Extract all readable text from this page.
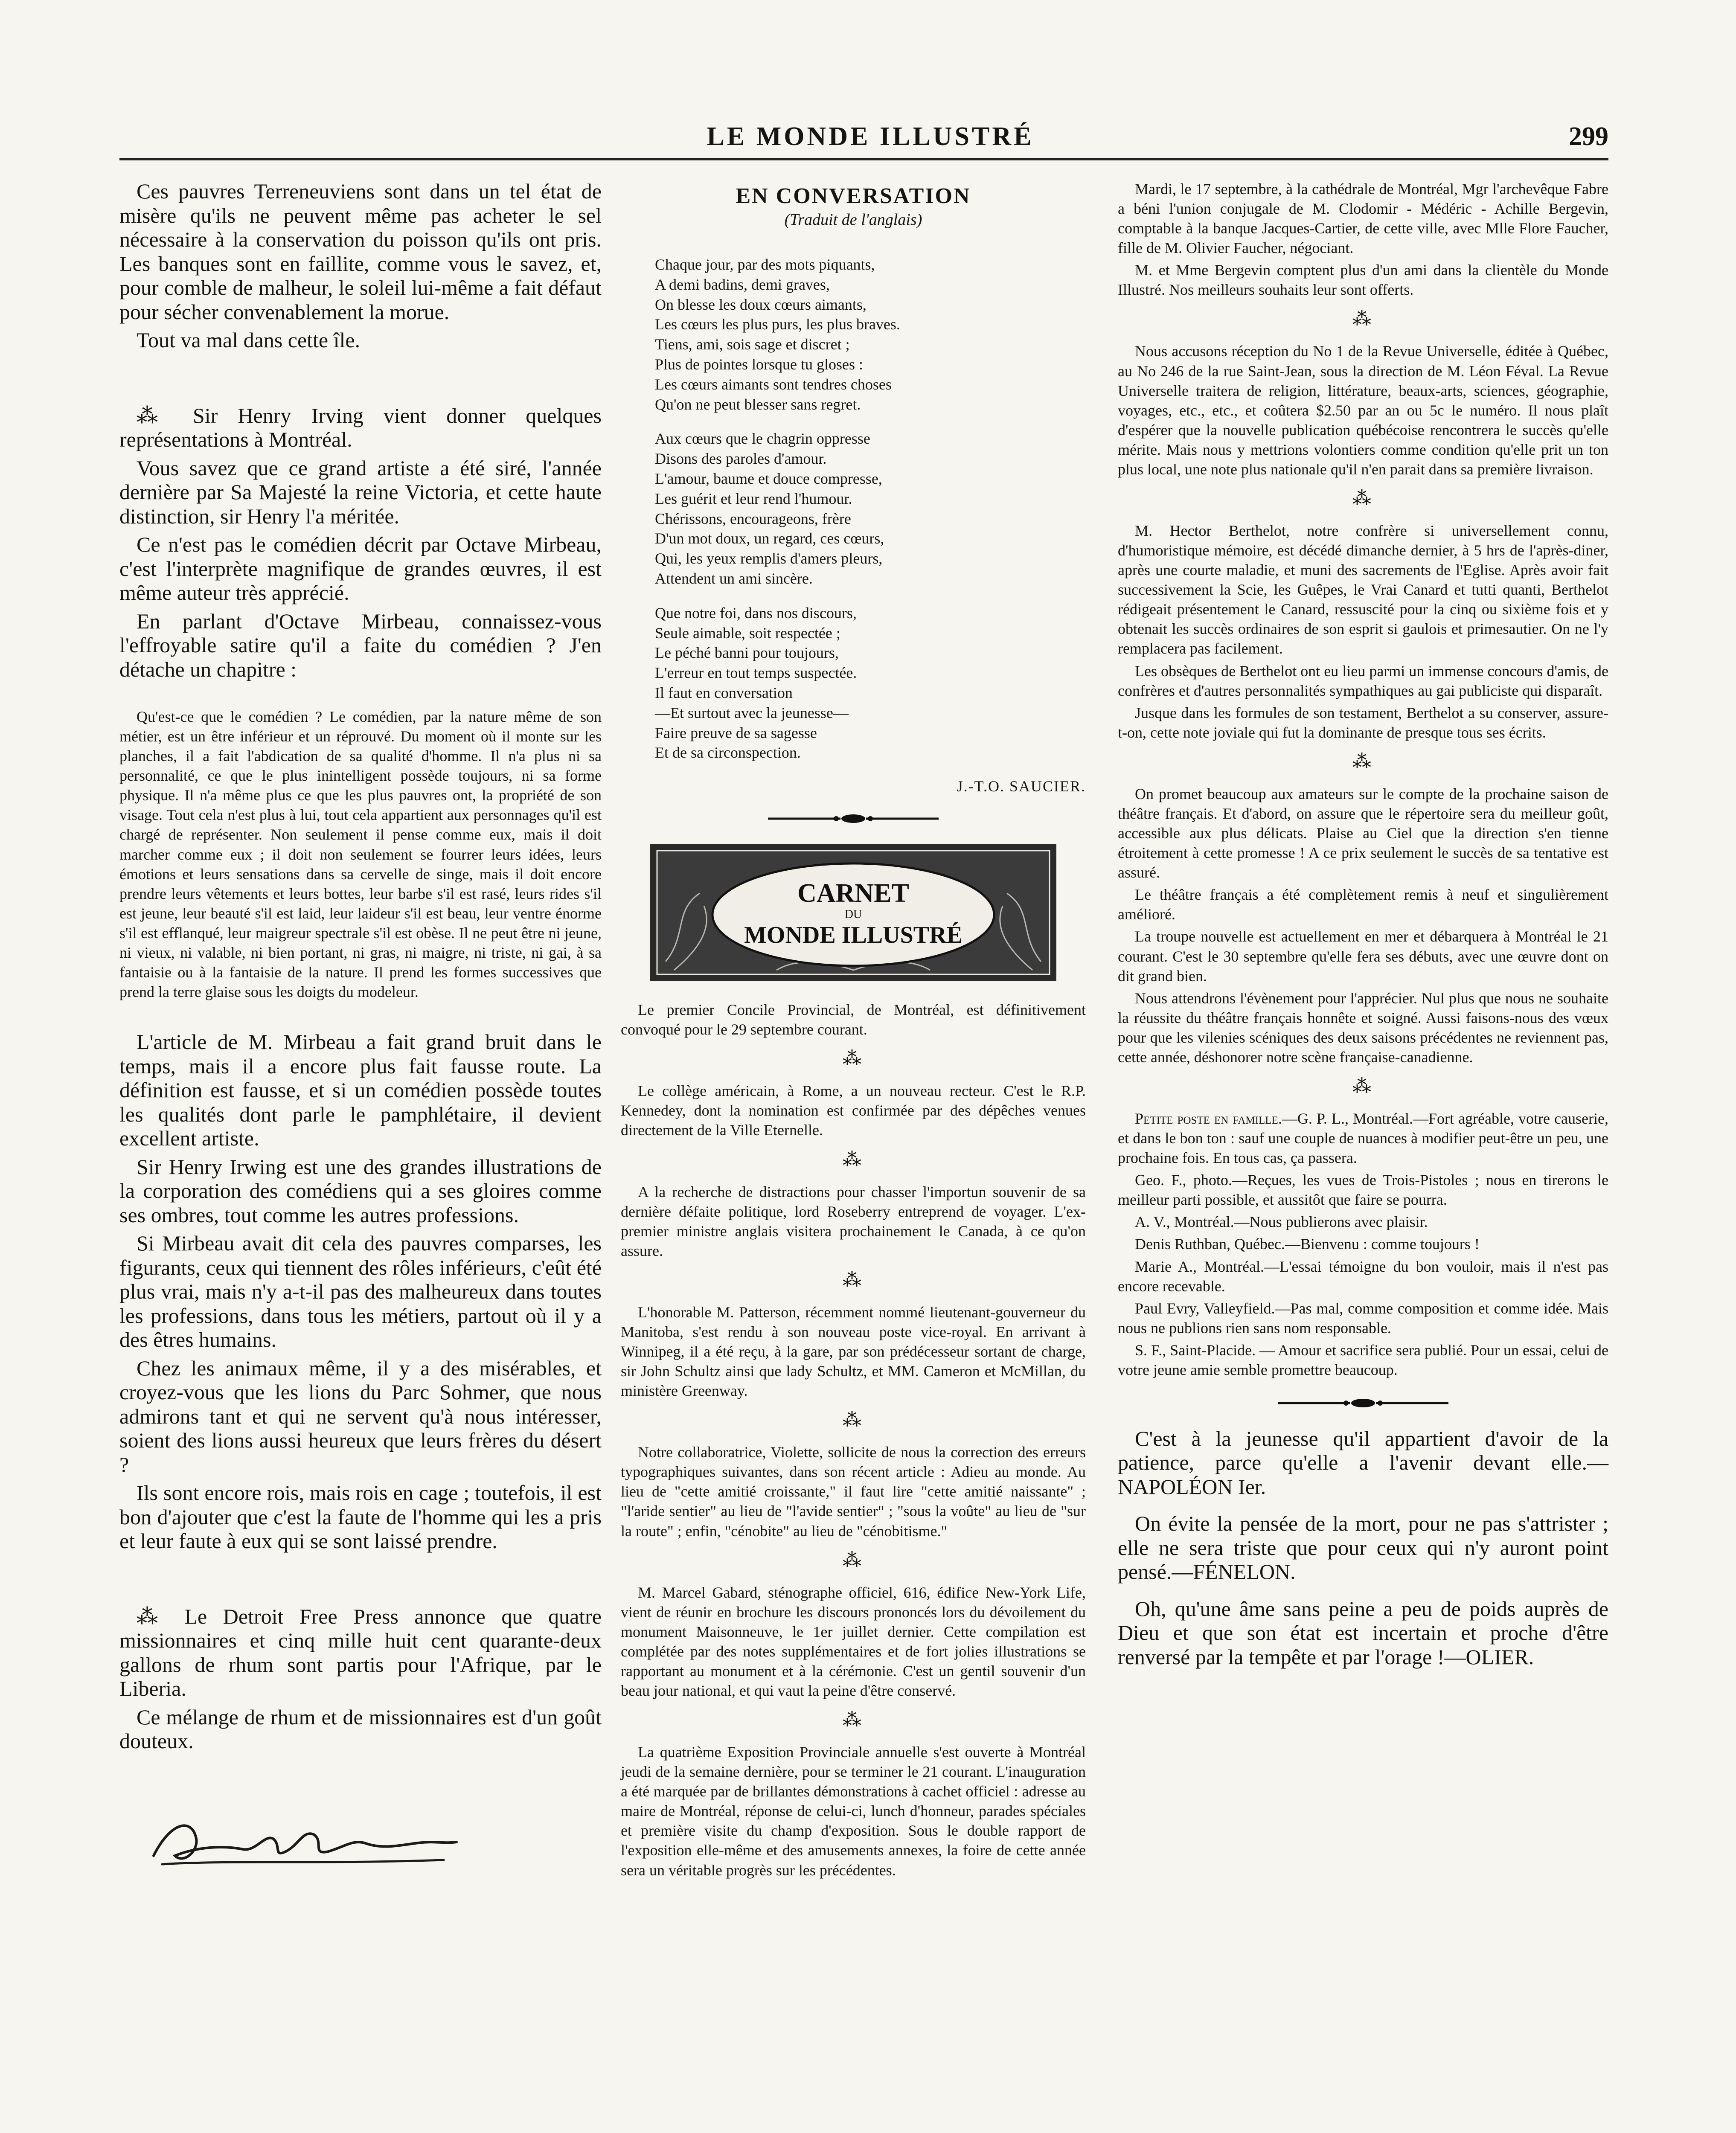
LE MONDE ILLUSTRÉ	299

Ces pauvres Terreneuviens sont dans un tel état de misère qu'ils ne peuvent même pas acheter le sel nécessaire à la conservation du poisson qu'ils ont pris. Les banques sont en faillite, comme vous le savez, et, pour comble de malheur, le soleil lui-même a fait défaut pour sécher convenablement la morue.

Tout va mal dans cette île.

⁂ Sir Henry Irving vient donner quelques représentations à Montréal.

Vous savez que ce grand artiste a été siré, l'année dernière par Sa Majesté la reine Victoria, et cette haute distinction, sir Henry l'a méritée.

Ce n'est pas le comédien décrit par Octave Mirbeau, c'est l'interprète magnifique de grandes œuvres, il est même auteur très apprécié.

En parlant d'Octave Mirbeau, connaissez-vous l'effroyable satire qu'il a faite du comédien ? J'en détache un chapitre :

Qu'est-ce que le comédien ? Le comédien, par la nature même de son métier, est un être inférieur et un réprouvé. Du moment où il monte sur les planches, il a fait l'abdication de sa qualité d'homme. Il n'a plus ni sa personnalité, ce que le plus inintelligent possède toujours, ni sa forme physique. Il n'a même plus ce que les plus pauvres ont, la propriété de son visage. Tout cela n'est plus à lui, tout cela appartient aux personnages qu'il est chargé de représenter. Non seulement il pense comme eux, mais il doit marcher comme eux ; il doit non seulement se fourrer leurs idées, leurs émotions et leurs sensations dans sa cervelle de singe, mais il doit encore prendre leurs vêtements et leurs bottes, leur barbe s'il est rasé, leurs rides s'il est jeune, leur beauté s'il est laid, leur laideur s'il est beau, leur ventre énorme s'il est efflanqué, leur maigreur spectrale s'il est obèse. Il ne peut être ni jeune, ni vieux, ni valable, ni bien portant, ni gras, ni maigre, ni triste, ni gai, à sa fantaisie ou à la fantaisie de la nature. Il prend les formes successives que prend la terre glaise sous les doigts du modeleur.

L'article de M. Mirbeau a fait grand bruit dans le temps, mais il a encore plus fait fausse route. La définition est fausse, et si un comédien possède toutes les qualités dont parle le pamphlétaire, il devient excellent artiste.

Sir Henry Irwing est une des grandes illustrations de la corporation des comédiens qui a ses gloires comme ses ombres, tout comme les autres professions.

Si Mirbeau avait dit cela des pauvres comparses, les figurants, ceux qui tiennent des rôles inférieurs, c'eût été plus vrai, mais n'y a-t-il pas des malheureux dans toutes les professions, dans tous les métiers, partout où il y a des êtres humains.

Chez les animaux même, il y a des misérables, et croyez-vous que les lions du Parc Sohmer, que nous admirons tant et qui ne servent qu'à nous intéresser, soient des lions aussi heureux que leurs frères du désert ?

Ils sont encore rois, mais rois en cage ; toutefois, il est bon d'ajouter que c'est la faute de l'homme qui les a pris et leur faute à eux qui se sont laissé prendre.

⁂ Le Detroit Free Press annonce que quatre missionnaires et cinq mille huit cent quarante-deux gallons de rhum sont partis pour l'Afrique, par le Liberia.

Ce mélange de rhum et de missionnaires est d'un goût douteux.

EN CONVERSATION
(Traduit de l'anglais)
Chaque jour, par des mots piquants,
A demi badins, demi graves,
On blesse les doux cœurs aimants,
Les cœurs les plus purs, les plus braves.
Tiens, ami, sois sage et discret ;
Plus de pointes lorsque tu gloses :
Les cœurs aimants sont tendres choses
Qu'on ne peut blesser sans regret.
Aux cœurs que le chagrin oppresse
Disons des paroles d'amour.
L'amour, baume et douce compresse,
Les guérit et leur rend l'humour.
Chérissons, encourageons, frère
D'un mot doux, un regard, ces cœurs,
Qui, les yeux remplis d'amers pleurs,
Attendent un ami sincère.
Que notre foi, dans nos discours,
Seule aimable, soit respectée ;
Le péché banni pour toujours,
L'erreur en tout temps suspectée.
Il faut en conversation
—Et surtout avec la jeunesse—
Faire preuve de sa sagesse
Et de sa circonspection.
J.-T.O. SAUCIER.
CARNET
DU
MONDE ILLUSTRÉ

Le premier Concile Provincial, de Montréal, est définitivement convoqué pour le 29 septembre courant.

⁂

Le collège américain, à Rome, a un nouveau recteur. C'est le R.P. Kennedey, dont la nomination est confirmée par des dépêches venues directement de la Ville Eternelle.

⁂

A la recherche de distractions pour chasser l'importun souvenir de sa dernière défaite politique, lord Roseberry entreprend de voyager. L'ex-premier ministre anglais visitera prochainement le Canada, à ce qu'on assure.

⁂

L'honorable M. Patterson, récemment nommé lieutenant-gouverneur du Manitoba, s'est rendu à son nouveau poste vice-royal. En arrivant à Winnipeg, il a été reçu, à la gare, par son prédécesseur sortant de charge, sir John Schultz ainsi que lady Schultz, et MM. Cameron et McMillan, du ministère Greenway.

⁂

Notre collaboratrice, Violette, sollicite de nous la correction des erreurs typographiques suivantes, dans son récent article : Adieu au monde. Au lieu de "cette amitié croissante," il faut lire "cette amitié naissante" ; "l'aride sentier" au lieu de "l'avide sentier" ; "sous la voûte" au lieu de "sur la route" ; enfin, "cénobite" au lieu de "cénobitisme."

⁂

M. Marcel Gabard, sténographe officiel, 616, édifice New-York Life, vient de réunir en brochure les discours prononcés lors du dévoilement du monument Maisonneuve, le 1er juillet dernier. Cette compilation est complétée par des notes supplémentaires et de fort jolies illustrations se rapportant au monument et à la cérémonie. C'est un gentil souvenir d'un beau jour national, et qui vaut la peine d'être conservé.

⁂

La quatrième Exposition Provinciale annuelle s'est ouverte à Montréal jeudi de la semaine dernière, pour se terminer le 21 courant. L'inauguration a été marquée par de brillantes démonstrations à cachet officiel : adresse au maire de Montréal, réponse de celui-ci, lunch d'honneur, parades spéciales et première visite du champ d'exposition. Sous le double rapport de l'exposition elle-même et des amusements annexes, la foire de cette année sera un véritable progrès sur les précédentes.

Mardi, le 17 septembre, à la cathédrale de Montréal, Mgr l'archevêque Fabre a béni l'union conjugale de M. Clodomir - Médéric - Achille Bergevin, comptable à la banque Jacques-Cartier, de cette ville, avec Mlle Flore Faucher, fille de M. Olivier Faucher, négociant.

M. et Mme Bergevin comptent plus d'un ami dans la clientèle du Monde Illustré. Nos meilleurs souhaits leur sont offerts.

⁂

Nous accusons réception du No 1 de la Revue Universelle, éditée à Québec, au No 246 de la rue Saint-Jean, sous la direction de M. Léon Féval. La Revue Universelle traitera de religion, littérature, beaux-arts, sciences, géographie, voyages, etc., etc., et coûtera $2.50 par an ou 5c le numéro. Il nous plaît d'espérer que la nouvelle publication québécoise rencontrera le succès qu'elle mérite. Mais nous y mettrions volontiers comme condition qu'elle prit un ton plus local, une note plus nationale qu'il n'en parait dans sa première livraison.

⁂

M. Hector Berthelot, notre confrère si universellement connu, d'humoristique mémoire, est décédé dimanche dernier, à 5 hrs de l'après-diner, après une courte maladie, et muni des sacrements de l'Eglise. Après avoir fait successivement la Scie, les Guêpes, le Vrai Canard et tutti quanti, Berthelot rédigeait présentement le Canard, ressuscité pour la cinq ou sixième fois et y obtenait les succès ordinaires de son esprit si gaulois et primesautier. On ne l'y remplacera pas facilement.

Les obsèques de Berthelot ont eu lieu parmi un immense concours d'amis, de confrères et d'autres personnalités sympathiques au gai publiciste qui disparaît.

Jusque dans les formules de son testament, Berthelot a su conserver, assure-t-on, cette note joviale qui fut la dominante de presque tous ses écrits.

⁂

On promet beaucoup aux amateurs sur le compte de la prochaine saison de théâtre français. Et d'abord, on assure que le répertoire sera du meilleur goût, accessible aux plus délicats. Plaise au Ciel que la direction s'en tienne étroitement à cette promesse ! A ce prix seulement le succès de sa tentative est assuré.

Le théâtre français a été complètement remis à neuf et singulièrement amélioré.

La troupe nouvelle est actuellement en mer et débarquera à Montréal le 21 courant. C'est le 30 septembre qu'elle fera ses débuts, avec une œuvre dont on dit grand bien.

Nous attendrons l'évènement pour l'apprécier. Nul plus que nous ne souhaite la réussite du théâtre français honnête et soigné. Aussi faisons-nous des vœux pour que les vilenies scéniques des deux saisons précédentes ne reviennent pas, cette année, déshonorer notre scène française-canadienne.

⁂

Petite poste en famille.—G. P. L., Montréal.—Fort agréable, votre causerie, et dans le bon ton : sauf une couple de nuances à modifier peut-être un peu, une prochaine fois. En tous cas, ça passera.

Geo. F., photo.—Reçues, les vues de Trois-Pistoles ; nous en tirerons le meilleur parti possible, et aussitôt que faire se pourra.

A. V., Montréal.—Nous publierons avec plaisir.

Denis Ruthban, Québec.—Bienvenu : comme toujours !

Marie A., Montréal.—L'essai témoigne du bon vouloir, mais il n'est pas encore recevable.

Paul Evry, Valleyfield.—Pas mal, comme composition et comme idée. Mais nous ne publions rien sans nom responsable.

S. F., Saint-Placide. — Amour et sacrifice sera publié. Pour un essai, celui de votre jeune amie semble promettre beaucoup.

C'est à la jeunesse qu'il appartient d'avoir de la patience, parce qu'elle a l'avenir devant elle.—NAPOLÉON Ier.

On évite la pensée de la mort, pour ne pas s'attrister ; elle ne sera triste que pour ceux qui n'y auront point pensé.—FÉNELON.

Oh, qu'une âme sans peine a peu de poids auprès de Dieu et que son état est incertain et proche d'être renversé par la tempête et par l'orage !—OLIER.
